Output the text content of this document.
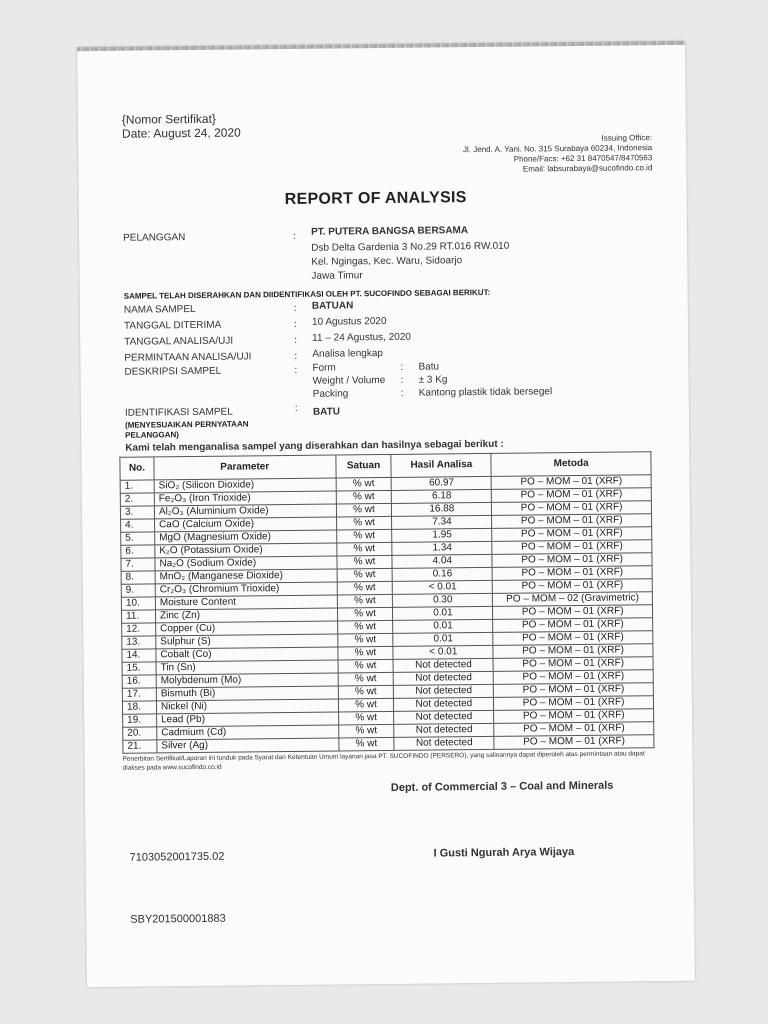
{Nomor Sertifikat}
Date: August 24, 2020	Issuing Office:
Jl. Jend. A. Yani. No. 315 Surabaya 60234, Indonesia
Phone/Facs: +62 31 8470547/8470563
Email: labsurabaya@sucofindo.co.id
REPORT OF ANALYSIS
PELANGGAN	: PT. PUTERA BANGSA BERSAMA
Dsb Delta Gardenia 3 No.29 RT.016 RW.010
Kel. Ngingas, Kec. Waru, Sidoarjo
Jawa Timur
SAMPEL TELAH DISERAHKAN DAN DIIDENTIFIKASI OLEH PT. SUCOFINDO SEBAGAI BERIKUT:
NAMA SAMPEL	: BATUAN
TANGGAL DITERIMA	: 10 Agustus 2020
TANGGAL ANALISA/UJI	: 11 – 24 Agustus, 2020
PERMINTAAN ANALISA/UJI	: Analisa lengkap
DESKRIPSI SAMPEL	: Form	: Batu
Weight / Volume : ± 3 Kg
Packing	: Kantong plastik tidak bersegel
IDENTIFIKASI SAMPEL
(MENYESUAIKAN PERNYATAAN
PELANGGAN)
: BATU
Kami telah menganalisa sampel yang diserahkan dan hasilnya sebagai berikut :
No.	Parameter	Satuan	Hasil Analisa	Metoda
1.	SiO₂ (Silicon Dioxide)	% wt	60.97	PO – MOM – 01 (XRF)
2.	Fe₂O₃ (Iron Trioxide)	% wt	6.18	PO – MOM – 01 (XRF)
3.	Al₂O₃ (Aluminium Oxide)	% wt	16.88	PO – MOM – 01 (XRF)
4.	CaO (Calcium Oxide)	% wt	7.34	PO – MOM – 01 (XRF)
5.	MgO (Magnesium Oxide)	% wt	1.95	PO – MOM – 01 (XRF)
6.	K₂O (Potassium Oxide)	% wt	1.34	PO – MOM – 01 (XRF)
7.	Na₂O (Sodium Oxide)	% wt	4.04	PO – MOM – 01 (XRF)
8.	MnO₂ (Manganese Dioxide)	% wt	0.16	PO – MOM – 01 (XRF)
9.	Cr₂O₃ (Chromium Trioxide)	% wt	< 0.01	PO – MOM – 01 (XRF)
10.	Moisture Content	% wt	0.30	PO – MOM – 02 (Gravimetric)
11.	Zinc (Zn)	% wt	0.01	PO – MOM – 01 (XRF)
12.	Copper (Cu)	% wt	0.01	PO – MOM – 01 (XRF)
13.	Sulphur (S)	% wt	0.01	PO – MOM – 01 (XRF)
14.	Cobalt (Co)	% wt	< 0.01	PO – MOM – 01 (XRF)
15.	Tin (Sn)	% wt	Not detected	PO – MOM – 01 (XRF)
16.	Molybdenum (Mo)	% wt	Not detected	PO – MOM – 01 (XRF)
17.	Bismuth (Bi)	% wt	Not detected	PO – MOM – 01 (XRF)
18.	Nickel (Ni)	% wt	Not detected	PO – MOM – 01 (XRF)
19.	Lead (Pb)	% wt	Not detected	PO – MOM – 01 (XRF)
20.	Cadmium (Cd)	% wt	Not detected	PO – MOM – 01 (XRF)
21.	Silver (Ag)	% wt	Not detected	PO – MOM – 01 (XRF)
Penerbitan Sertifikat/Laporan ini tunduk pada Syarat dan Ketentuan Umum layanan jasa PT. SUCOFINDO (PERSERO), yang salinannya dapat diperoleh atas permintaan atau dapat diakses pada www.sucofindo.co.id
Dept. of Commercial 3 – Coal and Minerals
7103052001735.02	I Gusti Ngurah Arya Wijaya
SBY201500001883
